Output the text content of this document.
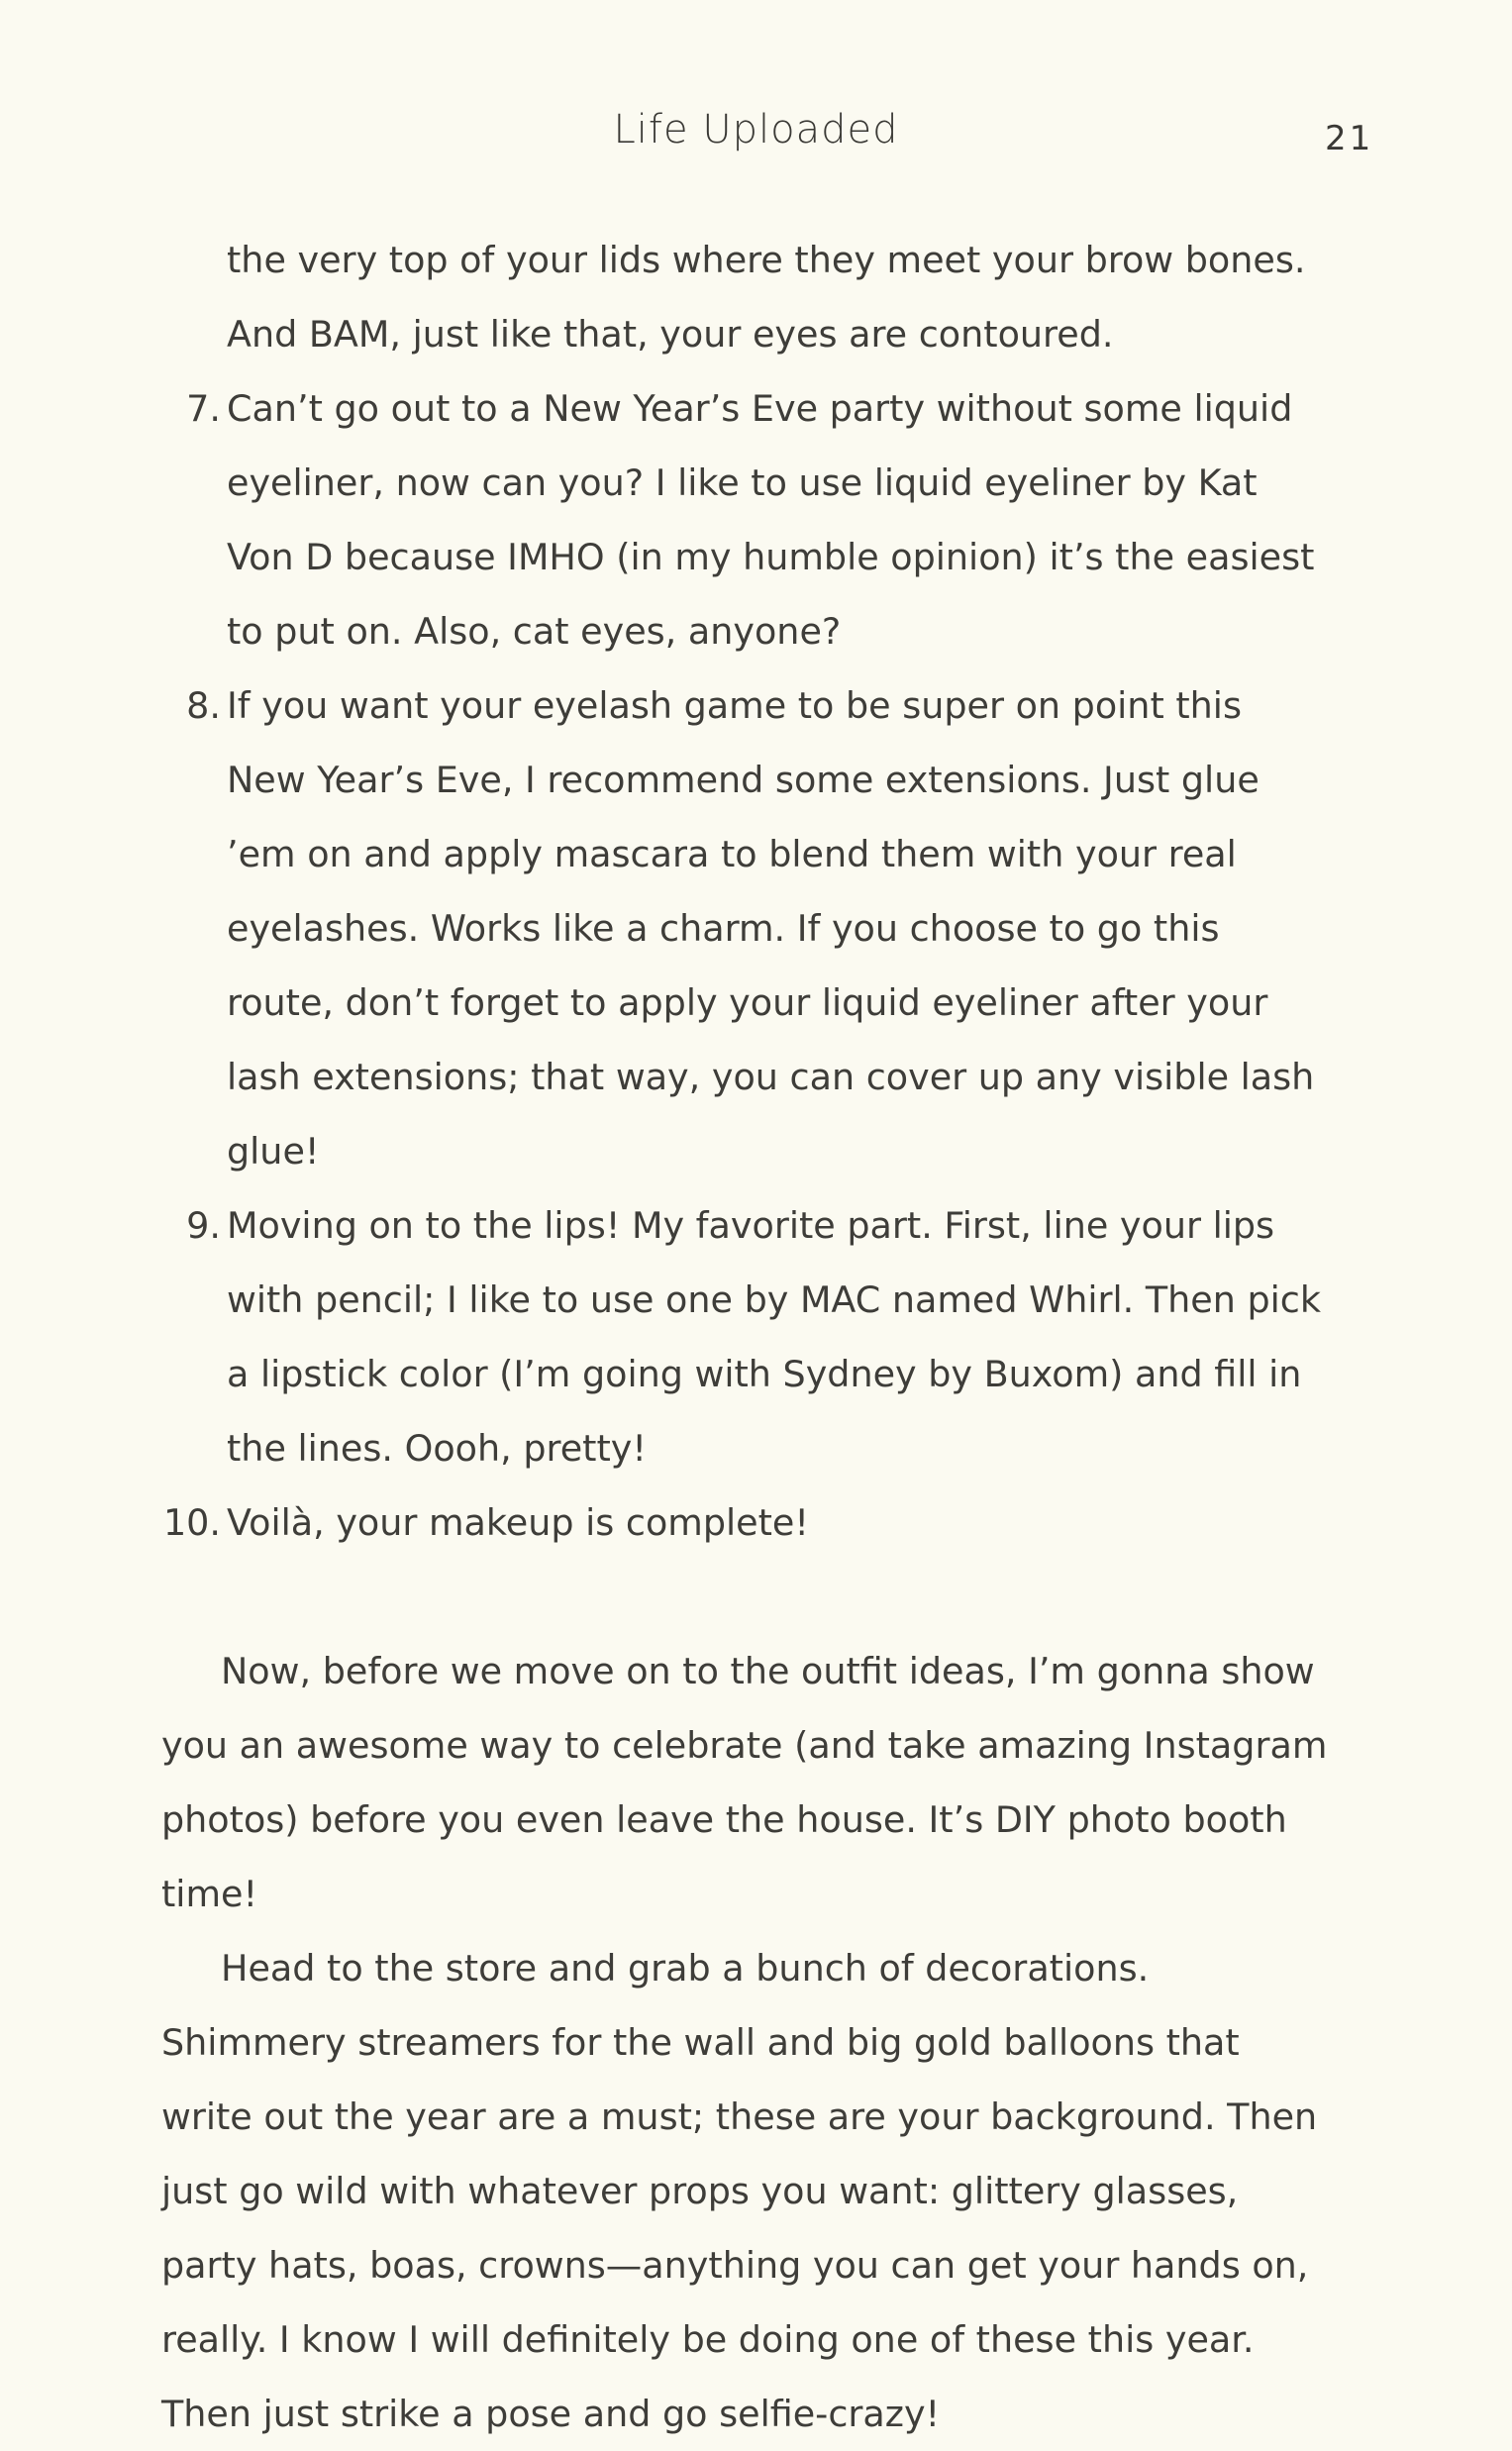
Life Uploaded	21
the very top of your lids where they meet your brow bones. And BAM, just like that, your eyes are contoured.
7. Can’t go out to a New Year’s Eve party without some liquid eyeliner, now can you? I like to use liquid eyeliner by Kat Von D because IMHO (in my humble opinion) it’s the easiest to put on. Also, cat eyes, anyone?
8. If you want your eyelash game to be super on point this New Year’s Eve, I recommend some extensions. Just glue ’em on and apply mascara to blend them with your real eyelashes. Works like a charm. If you choose to go this route, don’t forget to apply your liquid eyeliner after your lash extensions; that way, you can cover up any visible lash glue!
9. Moving on to the lips! My favorite part. First, line your lips with pencil; I like to use one by MAC named Whirl. Then pick a lipstick color (I’m going with Sydney by Buxom) and fill in the lines. Oooh, pretty!
10. Voilà, your makeup is complete!

Now, before we move on to the outfit ideas, I’m gonna show you an awesome way to celebrate (and take amazing Instagram photos) before you even leave the house. It’s DIY photo booth time!

Head to the store and grab a bunch of decorations. Shimmery streamers for the wall and big gold balloons that write out the year are a must; these are your background. Then just go wild with whatever props you want: glittery glasses, party hats, boas, crowns—anything you can get your hands on, really. I know I will definitely be doing one of these this year. Then just strike a pose and go selfie-crazy!
